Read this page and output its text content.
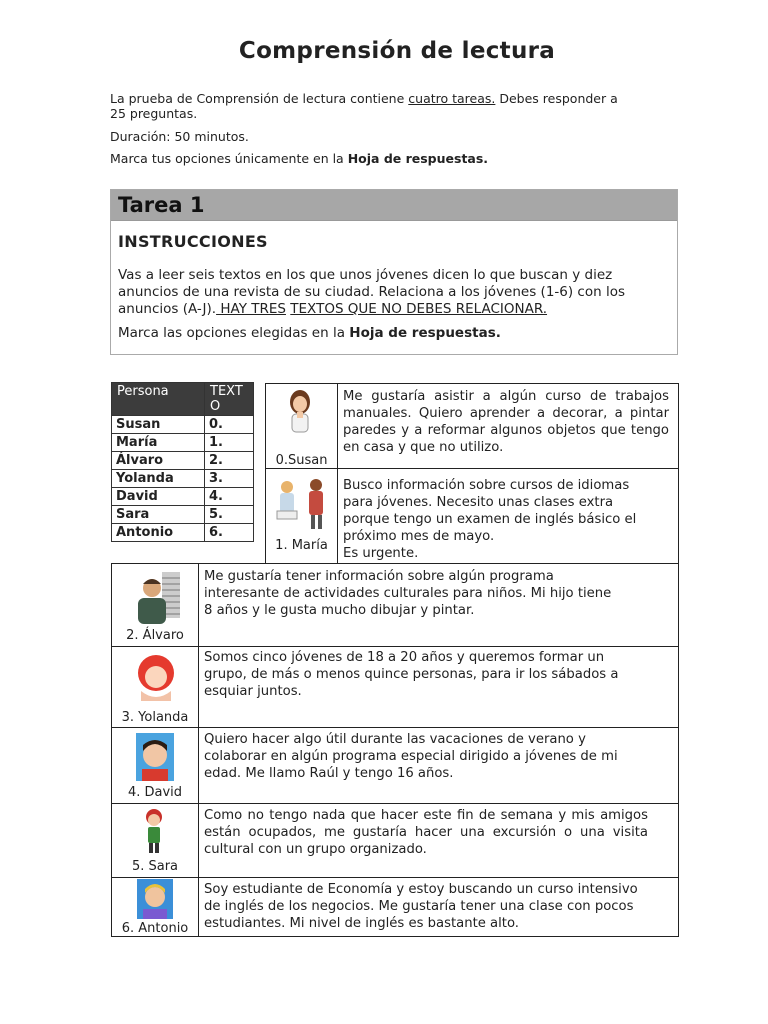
Comprensión de lectura
La prueba de Comprensión de lectura contiene cuatro tareas. Debes responder a
25 preguntas.
Duración: 50 minutos.
Marca tus opciones únicamente en la Hoja de respuestas.
Tarea 1
INSTRUCCIONES

Vas a leer seis textos en los que unos jóvenes dicen lo que buscan y diez
anuncios de una revista de su ciudad. Relaciona a los jóvenes (1-6) con los
anuncios (A-J). HAY TRES TEXTOS QUE NO DEBES RELACIONAR.

Marca las opciones elegidas en la Hoja de respuestas.

Persona	TEXTO
Susan	0.
María	1.
Álvaro	2.
Yolanda	3.
David	4.
Sara	5.
Antonio	6.
0.Susan
Me gustaría asistir a algún curso de trabajos manuales. Quiero aprender a decorar, a pintar paredes y a reformar algunos objetos que tengo en casa y que no utilizo.
1. María
Busco información sobre cursos de idiomas
para jóvenes. Necesito unas clases extra
porque tengo un examen de inglés básico el
próximo mes de mayo.
Es urgente.
2. Álvaro
Me gustaría tener información sobre algún programa
interesante de actividades culturales para niños. Mi hijo tiene
8 años y le gusta mucho dibujar y pintar.
3. Yolanda
Somos cinco jóvenes de 18 a 20 años y queremos formar un
grupo, de más o menos quince personas, para ir los sábados a
esquiar juntos.
4. David
Quiero hacer algo útil durante las vacaciones de verano y
colaborar en algún programa especial dirigido a jóvenes de mi
edad. Me llamo Raúl y tengo 16 años.
5. Sara
Como no tengo nada que hacer este fin de semana y mis amigos están ocupados, me gustaría hacer una excursión o una visita cultural con un grupo organizado.
6. Antonio
Soy estudiante de Economía y estoy buscando un curso intensivo
de inglés de los negocios. Me gustaría tener una clase con pocos
estudiantes. Mi nivel de inglés es bastante alto.
